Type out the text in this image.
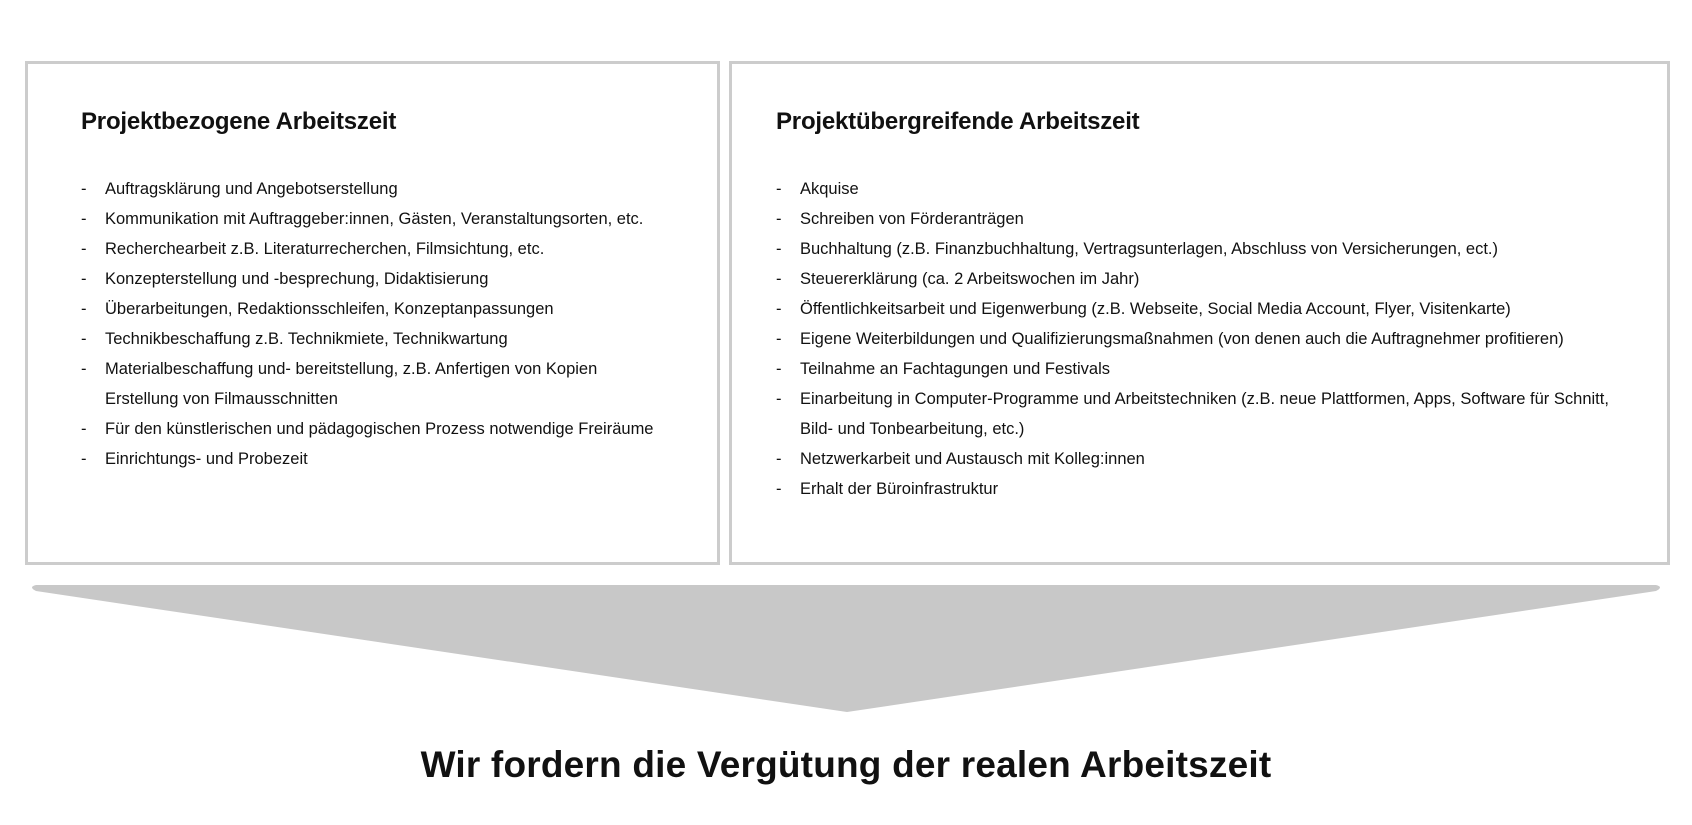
Projektbezogene Arbeitszeit
- Auftragsklärung und Angebotserstellung
- Kommunikation mit Auftraggeber:innen, Gästen, Veranstaltungsorten, etc.
- Recherchearbeit z.B. Literaturrecherchen, Filmsichtung, etc.
- Konzepterstellung und -besprechung, Didaktisierung
- Überarbeitungen, Redaktionsschleifen, Konzeptanpassungen
- Technikbeschaffung z.B. Technikmiete, Technikwartung
- Materialbeschaffung und- bereitstellung, z.B. Anfertigen von Kopien
Erstellung von Filmausschnitten
- Für den künstlerischen und pädagogischen Prozess notwendige Freiräume
- Einrichtungs- und Probezeit
Projektübergreifende Arbeitszeit
- Akquise
- Schreiben von Förderanträgen
- Buchhaltung (z.B. Finanzbuchhaltung, Vertragsunterlagen, Abschluss von Versicherungen, ect.)
- Steuererklärung (ca. 2 Arbeitswochen im Jahr)
- Öffentlichkeitsarbeit und Eigenwerbung (z.B. Webseite, Social Media Account, Flyer, Visitenkarte)
- Eigene Weiterbildungen und Qualifizierungsmaßnahmen (von denen auch die Auftragnehmer profitieren)
- Teilnahme an Fachtagungen und Festivals
- Einarbeitung in Computer-Programme und Arbeitstechniken (z.B. neue Plattformen, Apps, Software für Schnitt,
Bild- und Tonbearbeitung, etc.)
- Netzwerkarbeit und Austausch mit Kolleg:innen
- Erhalt der Büroinfrastruktur
Wir fordern die Vergütung der realen Arbeitszeit
